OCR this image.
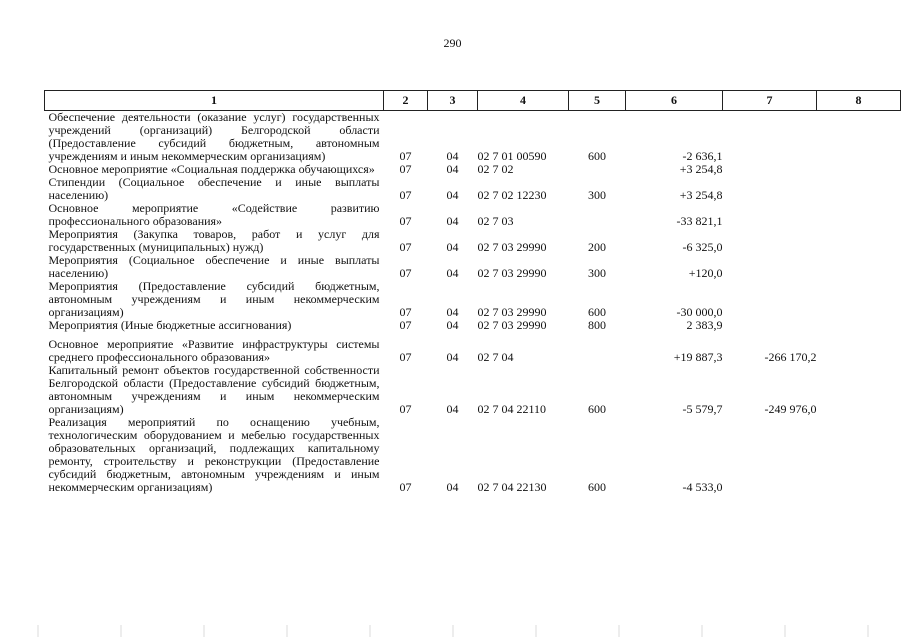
290
1	2	3	4	5	6	7	8
Обеспечение деятельности (оказание услуг) государственных учреждений (организаций) Белгородской области (Предоставление субсидий бюджетным, автономным учреждениям и иным некоммерческим организациям)	07	04	02 7 01 00590	600	-2 636,1		
Основное мероприятие «Социальная поддержка обучающихся»	07	04	02 7 02		+3 254,8		
Стипендии (Социальное обеспечение и иные выплаты населению)	07	04	02 7 02 12230	300	+3 254,8		
Основное мероприятие «Содействие развитию профессионального образования»	07	04	02 7 03		-33 821,1		
Мероприятия (Закупка товаров, работ и услуг для государственных (муниципальных) нужд)	07	04	02 7 03 29990	200	-6 325,0		
Мероприятия (Социальное обеспечение и иные выплаты населению)	07	04	02 7 03 29990	300	+120,0		
Мероприятия (Предоставление субсидий бюджетным, автономным учреждениям и иным некоммерческим организациям)	07	04	02 7 03 29990	600	-30 000,0		
Мероприятия (Иные бюджетные ассигнования)	07	04	02 7 03 29990	800	2 383,9		
Основное мероприятие «Развитие инфраструктуры системы среднего профессионального образования»	07	04	02 7 04		+19 887,3	-266 170,2	
Капитальный ремонт объектов государственной собственности Белгородской области (Предоставление субсидий бюджетным, автономным учреждениям и иным некоммерческим организациям)	07	04	02 7 04 22110	600	-5 579,7	-249 976,0	
Реализация мероприятий по оснащению учебным, технологическим оборудованием и мебелью государственных образовательных организаций, подлежащих капитальному ремонту, строительству и реконструкции (Предоставление субсидий бюджетным, автономным учреждениям и иным некоммерческим организациям)	07	04	02 7 04 22130	600	-4 533,0		
